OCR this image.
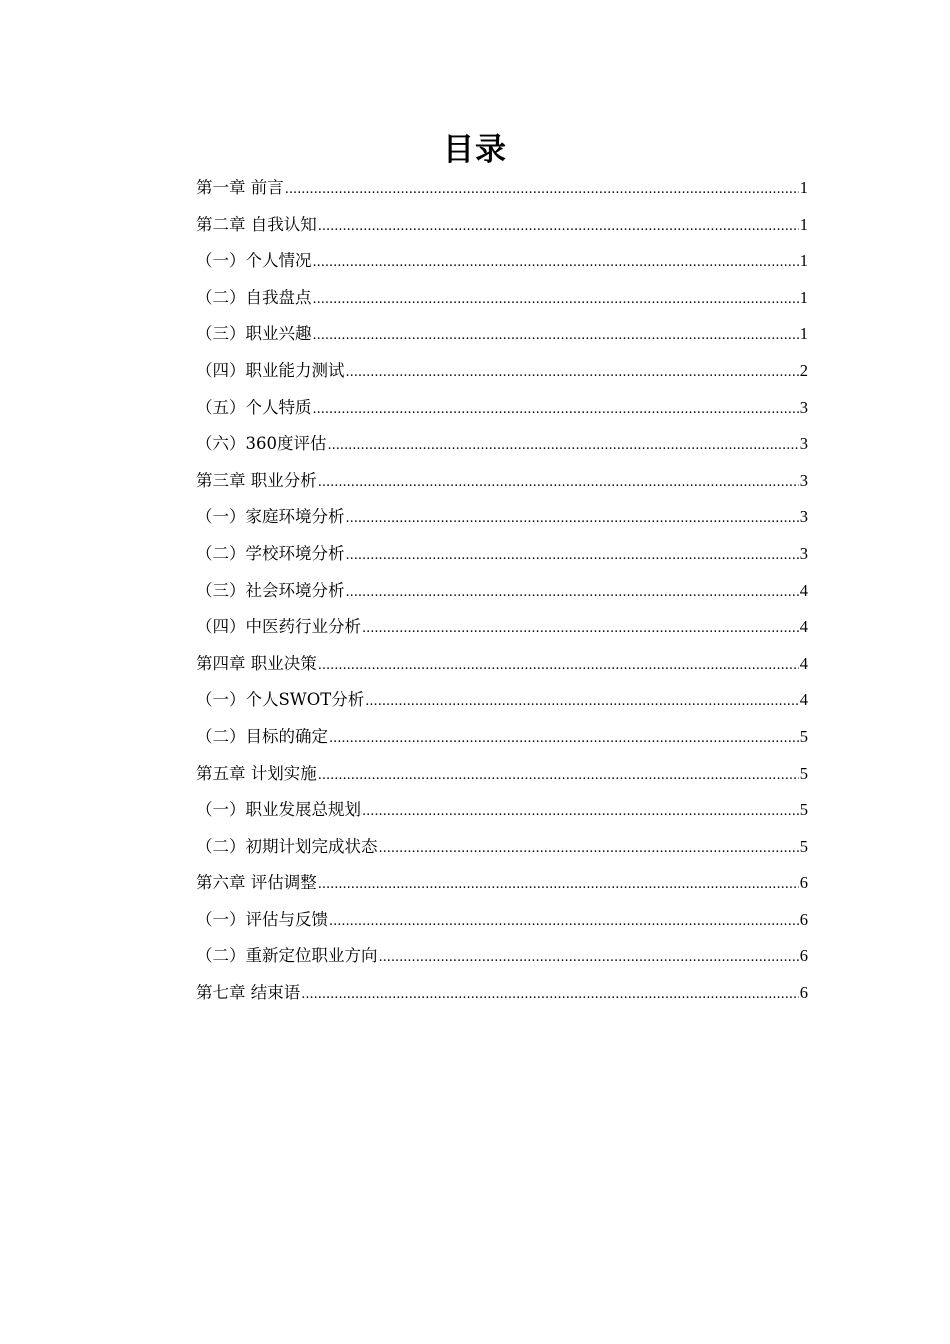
目录
第一章 前言 .....	1
第二章 自我认知 .....	1
（一）个人情况 .....	1
（二）自我盘点 .....	1
（三）职业兴趣 .....	1
（四）职业能力测试 .....	2
（五）个人特质 .....	3
（六）360度评估 .....	3
第三章 职业分析 .....	3
（一）家庭环境分析 .....	3
（二）学校环境分析 .....	3
（三）社会环境分析 .....	4
（四）中医药行业分析 .....	4
第四章 职业决策 .....	4
（一）个人SWOT分析 .....	4
（二）目标的确定 .....	5
第五章 计划实施 .....	5
（一）职业发展总规划 .....	5
（二）初期计划完成状态 .....	5
第六章 评估调整 .....	6
（一）评估与反馈 .....	6
（二）重新定位职业方向 .....	6
第七章 结束语 .....	6
